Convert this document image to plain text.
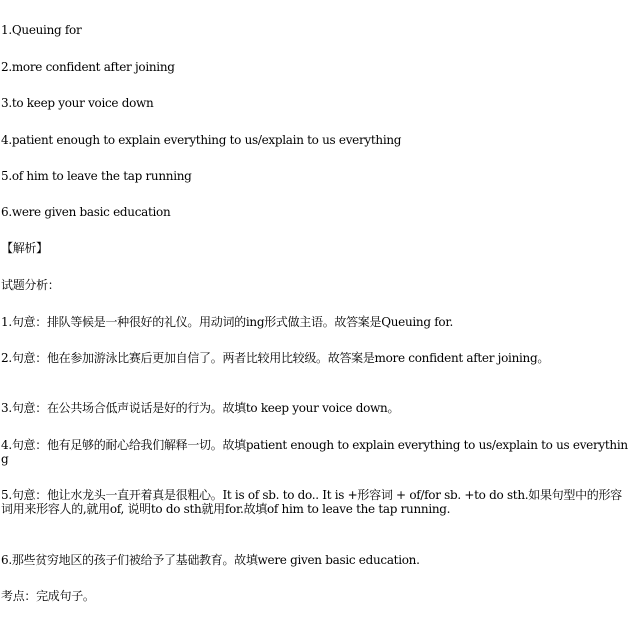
1.Queuing for
2.more confident after joining
3.to keep your voice down
4.patient enough to explain everything to us/explain to us everything
5.of him to leave the tap running
6.were given basic education
【解析】
试题分析：
1.句意：排队等候是一种很好的礼仪。用动词的ing形式做主语。故答案是Queuing for.
2.句意：他在参加游泳比赛后更加自信了。两者比较用比较级。故答案是more confident after joining。
3.句意：在公共场合低声说话是好的行为。故填to keep your voice down。
4.句意：他有足够的耐心给我们解释一切。故填patient enough to explain everything to us/explain to us everything
5.句意：他让水龙头一直开着真是很粗心。It is of sb. to do.. It is +形容词 + of/for sb. +to do sth.如果句型中的形容词用来形容人的,就用of, 说明to do sth就用for.故填of him to leave the tap running.
6.那些贫穷地区的孩子们被给予了基础教育。故填were given basic education.
考点：完成句子。
